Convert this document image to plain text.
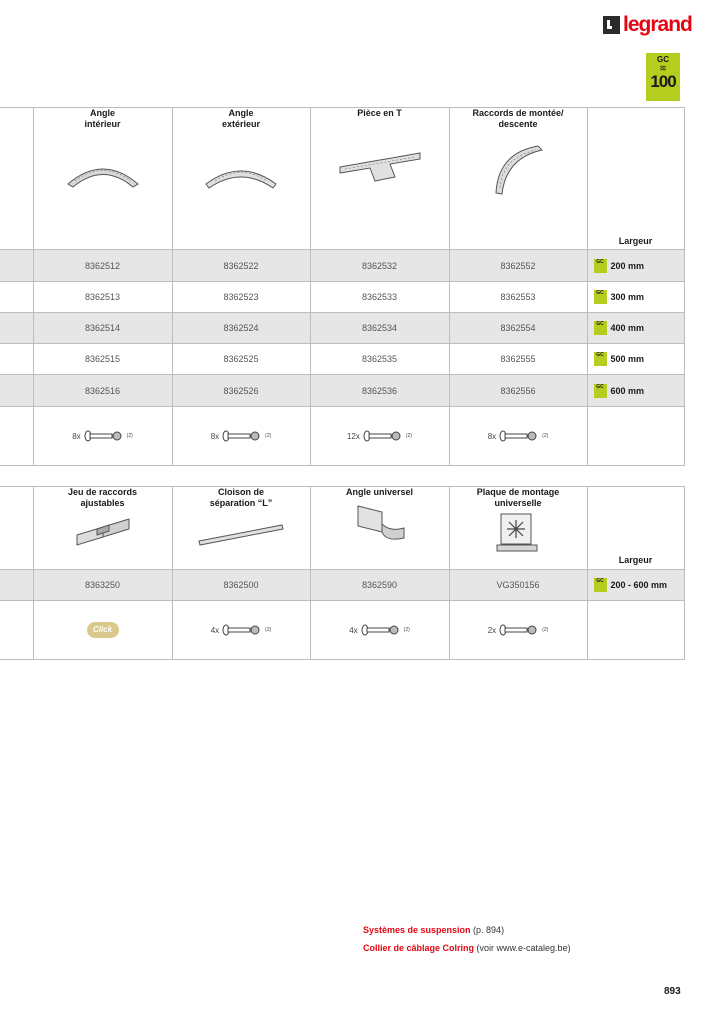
legrand
GC
≋
100

	Angle
intérieur	Angle
extérieur	Pièce en T	Raccords de montée/
descente	Largeur

	8362512	8362522	8362532	8362552	GC 200 mm
	8362513	8362523	8362533	8362553	GC 300 mm
	8362514	8362524	8362534	8362554	GC 400 mm
	8362515	8362525	8362535	8362555	GC 500 mm
	8362516	8362526	8362536	8362556	GC 600 mm

	8x (2)	8x (2)	12x (2)	8x (2)	

	Jeu de raccords
ajustables	Cloison de
séparation “L”	Angle universel	Plaque de montage
universelle	Largeur

	8363250	8362500	8362590	VG350156	GC 200 - 600 mm
	Click	4x (2)	4x (2)	2x (2)	

Systèmes de suspension (p. 894)
Collier de câblage Colring (voir www.e-cataleg.be)
893
